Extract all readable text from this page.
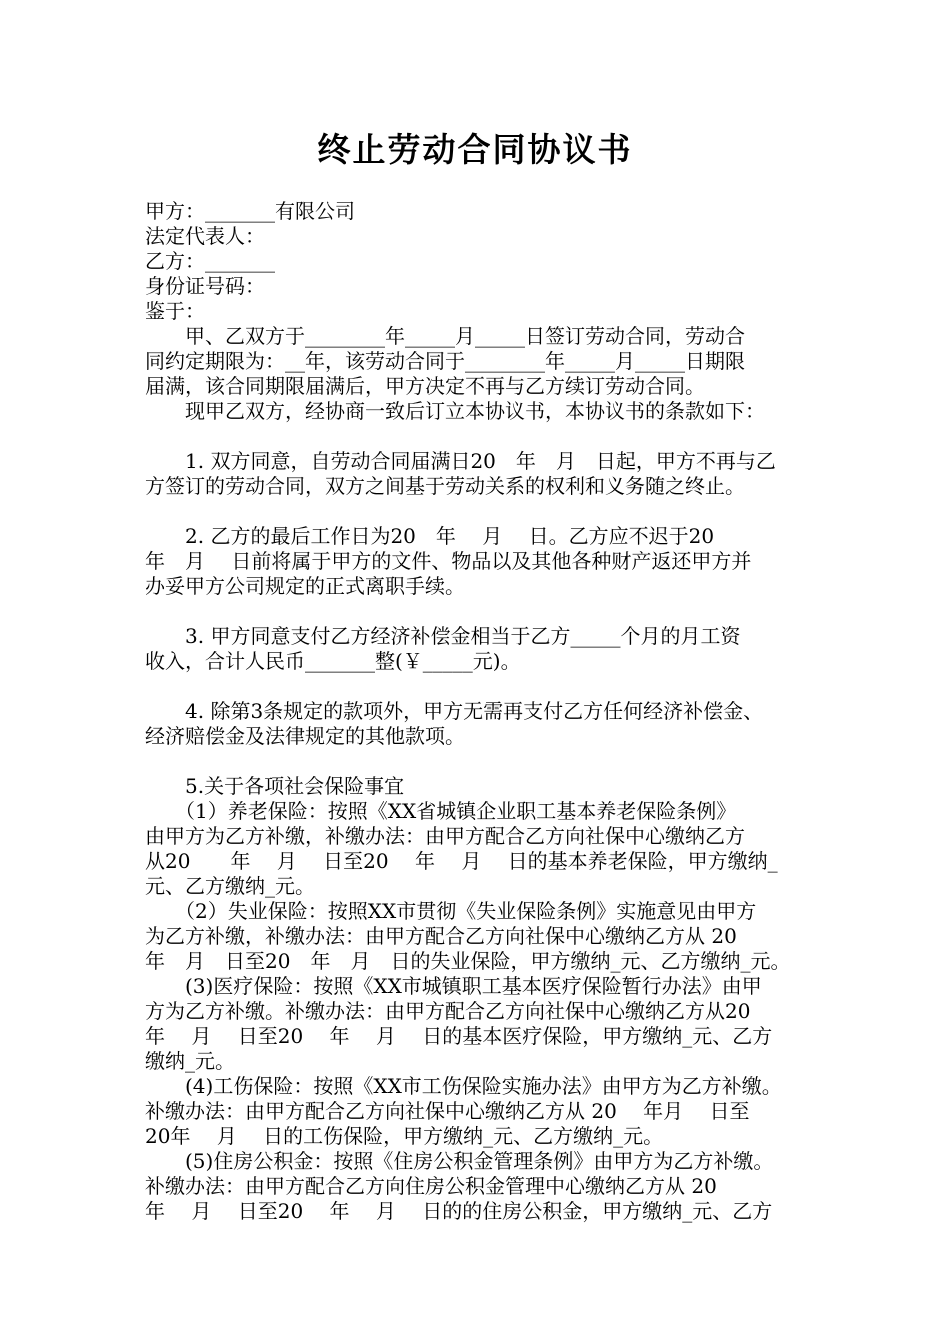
终止劳动合同协议书
甲方：_______有限公司
法定代表人：
乙方：_______
身份证号码：
鉴于：
　　甲、乙双方于________年_____月_____日签订劳动合同，劳动合
同约定期限为：__年，该劳动合同于________年_____月_____日期限
届满，该合同期限届满后，甲方决定不再与乙方续订劳动合同。
　　现甲乙双方，经协商一致后订立本协议书，本协议书的条款如下：
　　1. 双方同意，自劳动合同届满日20　年　月　日起，甲方不再与乙
方签订的劳动合同，双方之间基于劳动关系的权利和义务随之终止。
　　2. 乙方的最后工作日为20　年　 月　 日。乙方应不迟于20
年　月　 日前将属于甲方的文件、物品以及其他各种财产返还甲方并
办妥甲方公司规定的正式离职手续。
　　3. 甲方同意支付乙方经济补偿金相当于乙方_____个月的月工资
收入，合计人民币_______整(￥_____元)。
　　4. 除第3条规定的款项外，甲方无需再支付乙方任何经济补偿金、
经济赔偿金及法律规定的其他款项。
　　5.关于各项社会保险事宜
　　（1）养老保险：按照《XX省城镇企业职工基本养老保险条例》
由甲方为乙方补缴，补缴办法：由甲方配合乙方向社保中心缴纳乙方
从20　　年　 月　 日至20　 年　 月　 日的基本养老保险，甲方缴纳_
元、乙方缴纳_元。
　　（2）失业保险：按照XX市贯彻《失业保险条例》实施意见由甲方
为乙方补缴，补缴办法：由甲方配合乙方向社保中心缴纳乙方从 20
年　月　日至20　年　月　日的失业保险，甲方缴纳_元、乙方缴纳_元。
　　(3)医疗保险：按照《XX市城镇职工基本医疗保险暂行办法》由甲
方为乙方补缴。补缴办法：由甲方配合乙方向社保中心缴纳乙方从20
年　 月　 日至20　 年　 月　 日的基本医疗保险，甲方缴纳_元、乙方
缴纳_元。
　　(4)工伤保险：按照《XX市工伤保险实施办法》由甲方为乙方补缴。
补缴办法：由甲方配合乙方向社保中心缴纳乙方从 20　 年月　 日至
20年　 月　 日的工伤保险，甲方缴纳_元、乙方缴纳_元。
　　(5)住房公积金：按照《住房公积金管理条例》由甲方为乙方补缴。
补缴办法：由甲方配合乙方向住房公积金管理中心缴纳乙方从 20
年　 月　 日至20　 年　 月　 日的的住房公积金，甲方缴纳_元、乙方
